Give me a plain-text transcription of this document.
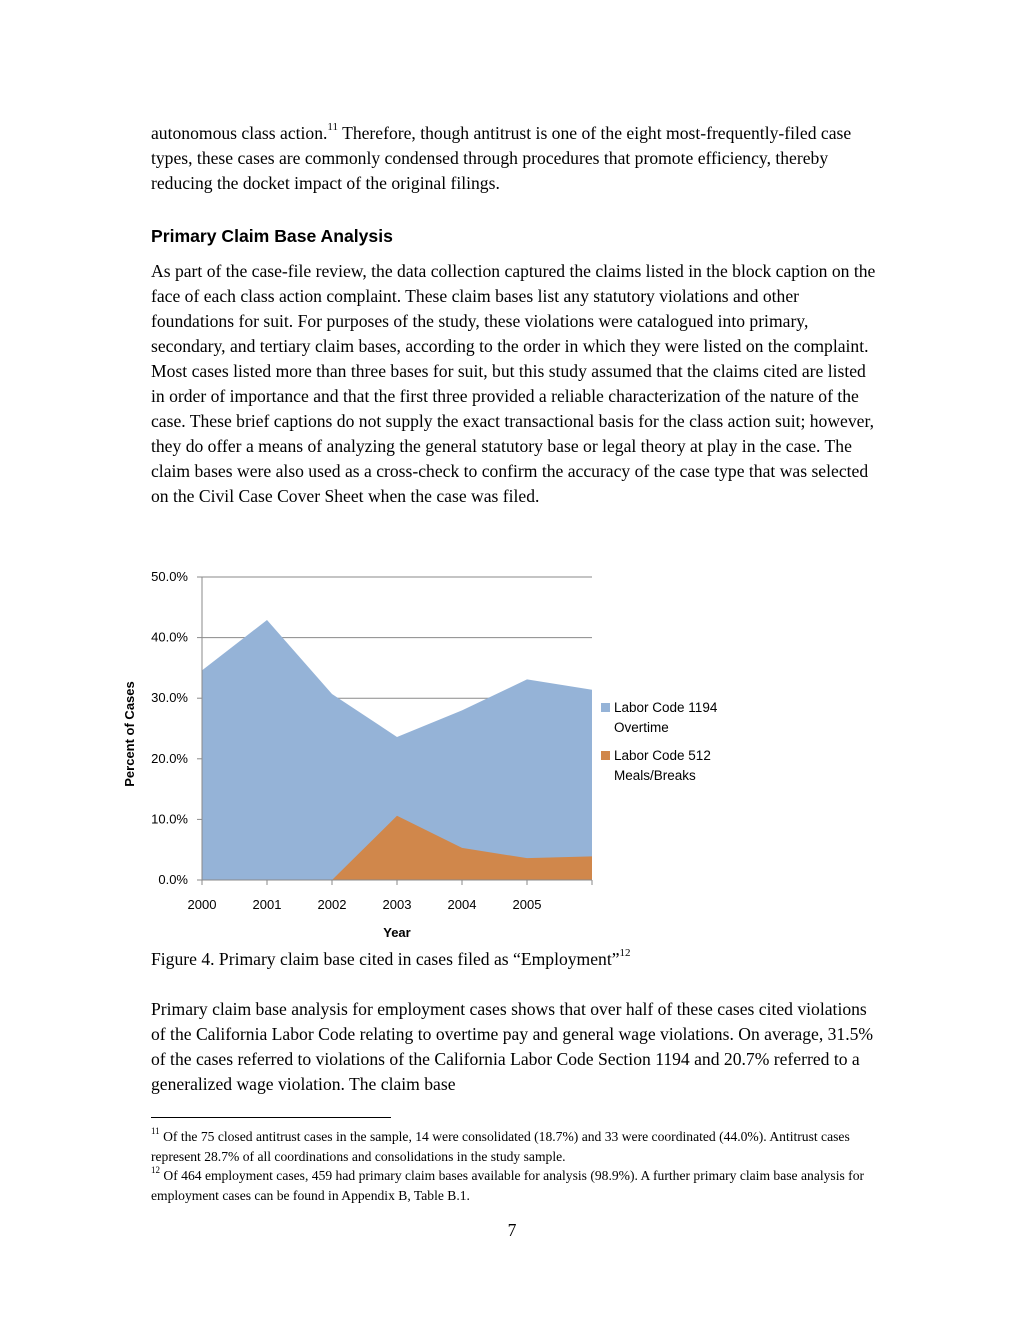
autonomous class action.$^{11}$ Therefore, though antitrust is one of the eight most-frequently-filed case types, these cases are commonly condensed through procedures that promote efficiency, thereby reducing the docket impact of the original filings.

Primary Claim Base Analysis

As part of the case-file review, the data collection captured the claims listed in the block caption on the face of each class action complaint. These claim bases list any statutory violations and other foundations for suit. For purposes of the study, these violations were catalogued into primary, secondary, and tertiary claim bases, according to the order in which they were listed on the complaint. Most cases listed more than three bases for suit, but this study assumed that the claims cited are listed in order of importance and that the first three provided a reliable characterization of the nature of the case. These brief captions do not supply the exact transactional basis for the class action suit; however, they do offer a means of analyzing the general statutory base or legal theory at play in the case. The claim bases were also used as a cross-check to confirm the accuracy of the case type that was selected on the Civil Case Cover Sheet when the case was filed.

0.0%
10.0%
20.0%
30.0%
40.0%
50.0%
2000	2001	2002	2003	2004	2005
Percent of Cases
Year
Labor Code 1194
Overtime
Labor Code 512
Meals/Breaks

Figure 4. Primary claim base cited in cases filed as “Employment”$^{12}$

Primary claim base analysis for employment cases shows that over half of these cases cited violations of the California Labor Code relating to overtime pay and general wage violations. On average, 31.5% of the cases referred to violations of the California Labor Code Section 1194 and 20.7% referred to a generalized wage violation. The claim base

$^{11}$ Of the 75 closed antitrust cases in the sample, 14 were consolidated (18.7%) and 33 were coordinated (44.0%). Antitrust cases represent 28.7% of all coordinations and consolidations in the study sample.

$^{12}$ Of 464 employment cases, 459 had primary claim bases available for analysis (98.9%). A further primary claim base analysis for employment cases can be found in Appendix B, Table B.1.

7
